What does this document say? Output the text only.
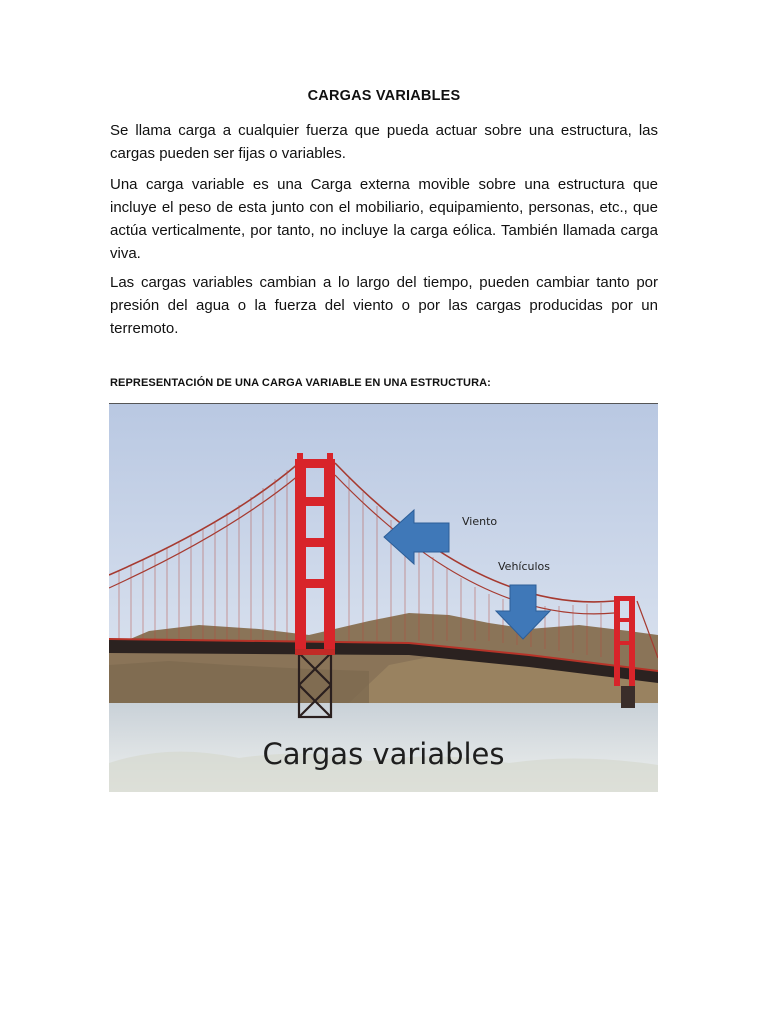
CARGAS VARIABLES

Se llama carga a cualquier fuerza que pueda actuar sobre una estructura, las cargas pueden ser fijas o variables.

Una carga variable es una Carga externa movible sobre una estructura que incluye el peso de esta junto con el mobiliario, equipamiento, personas, etc., que actúa verticalmente, por tanto, no incluye la carga eólica. También llamada carga viva.

Las cargas variables cambian a lo largo del tiempo, pueden cambiar tanto por presión del agua o la fuerza del viento o por las cargas producidas por un terremoto.

REPRESENTACIÓN DE UNA CARGA VARIABLE EN UNA ESTRUCTURA:
Viento
Vehículos
Cargas variables
